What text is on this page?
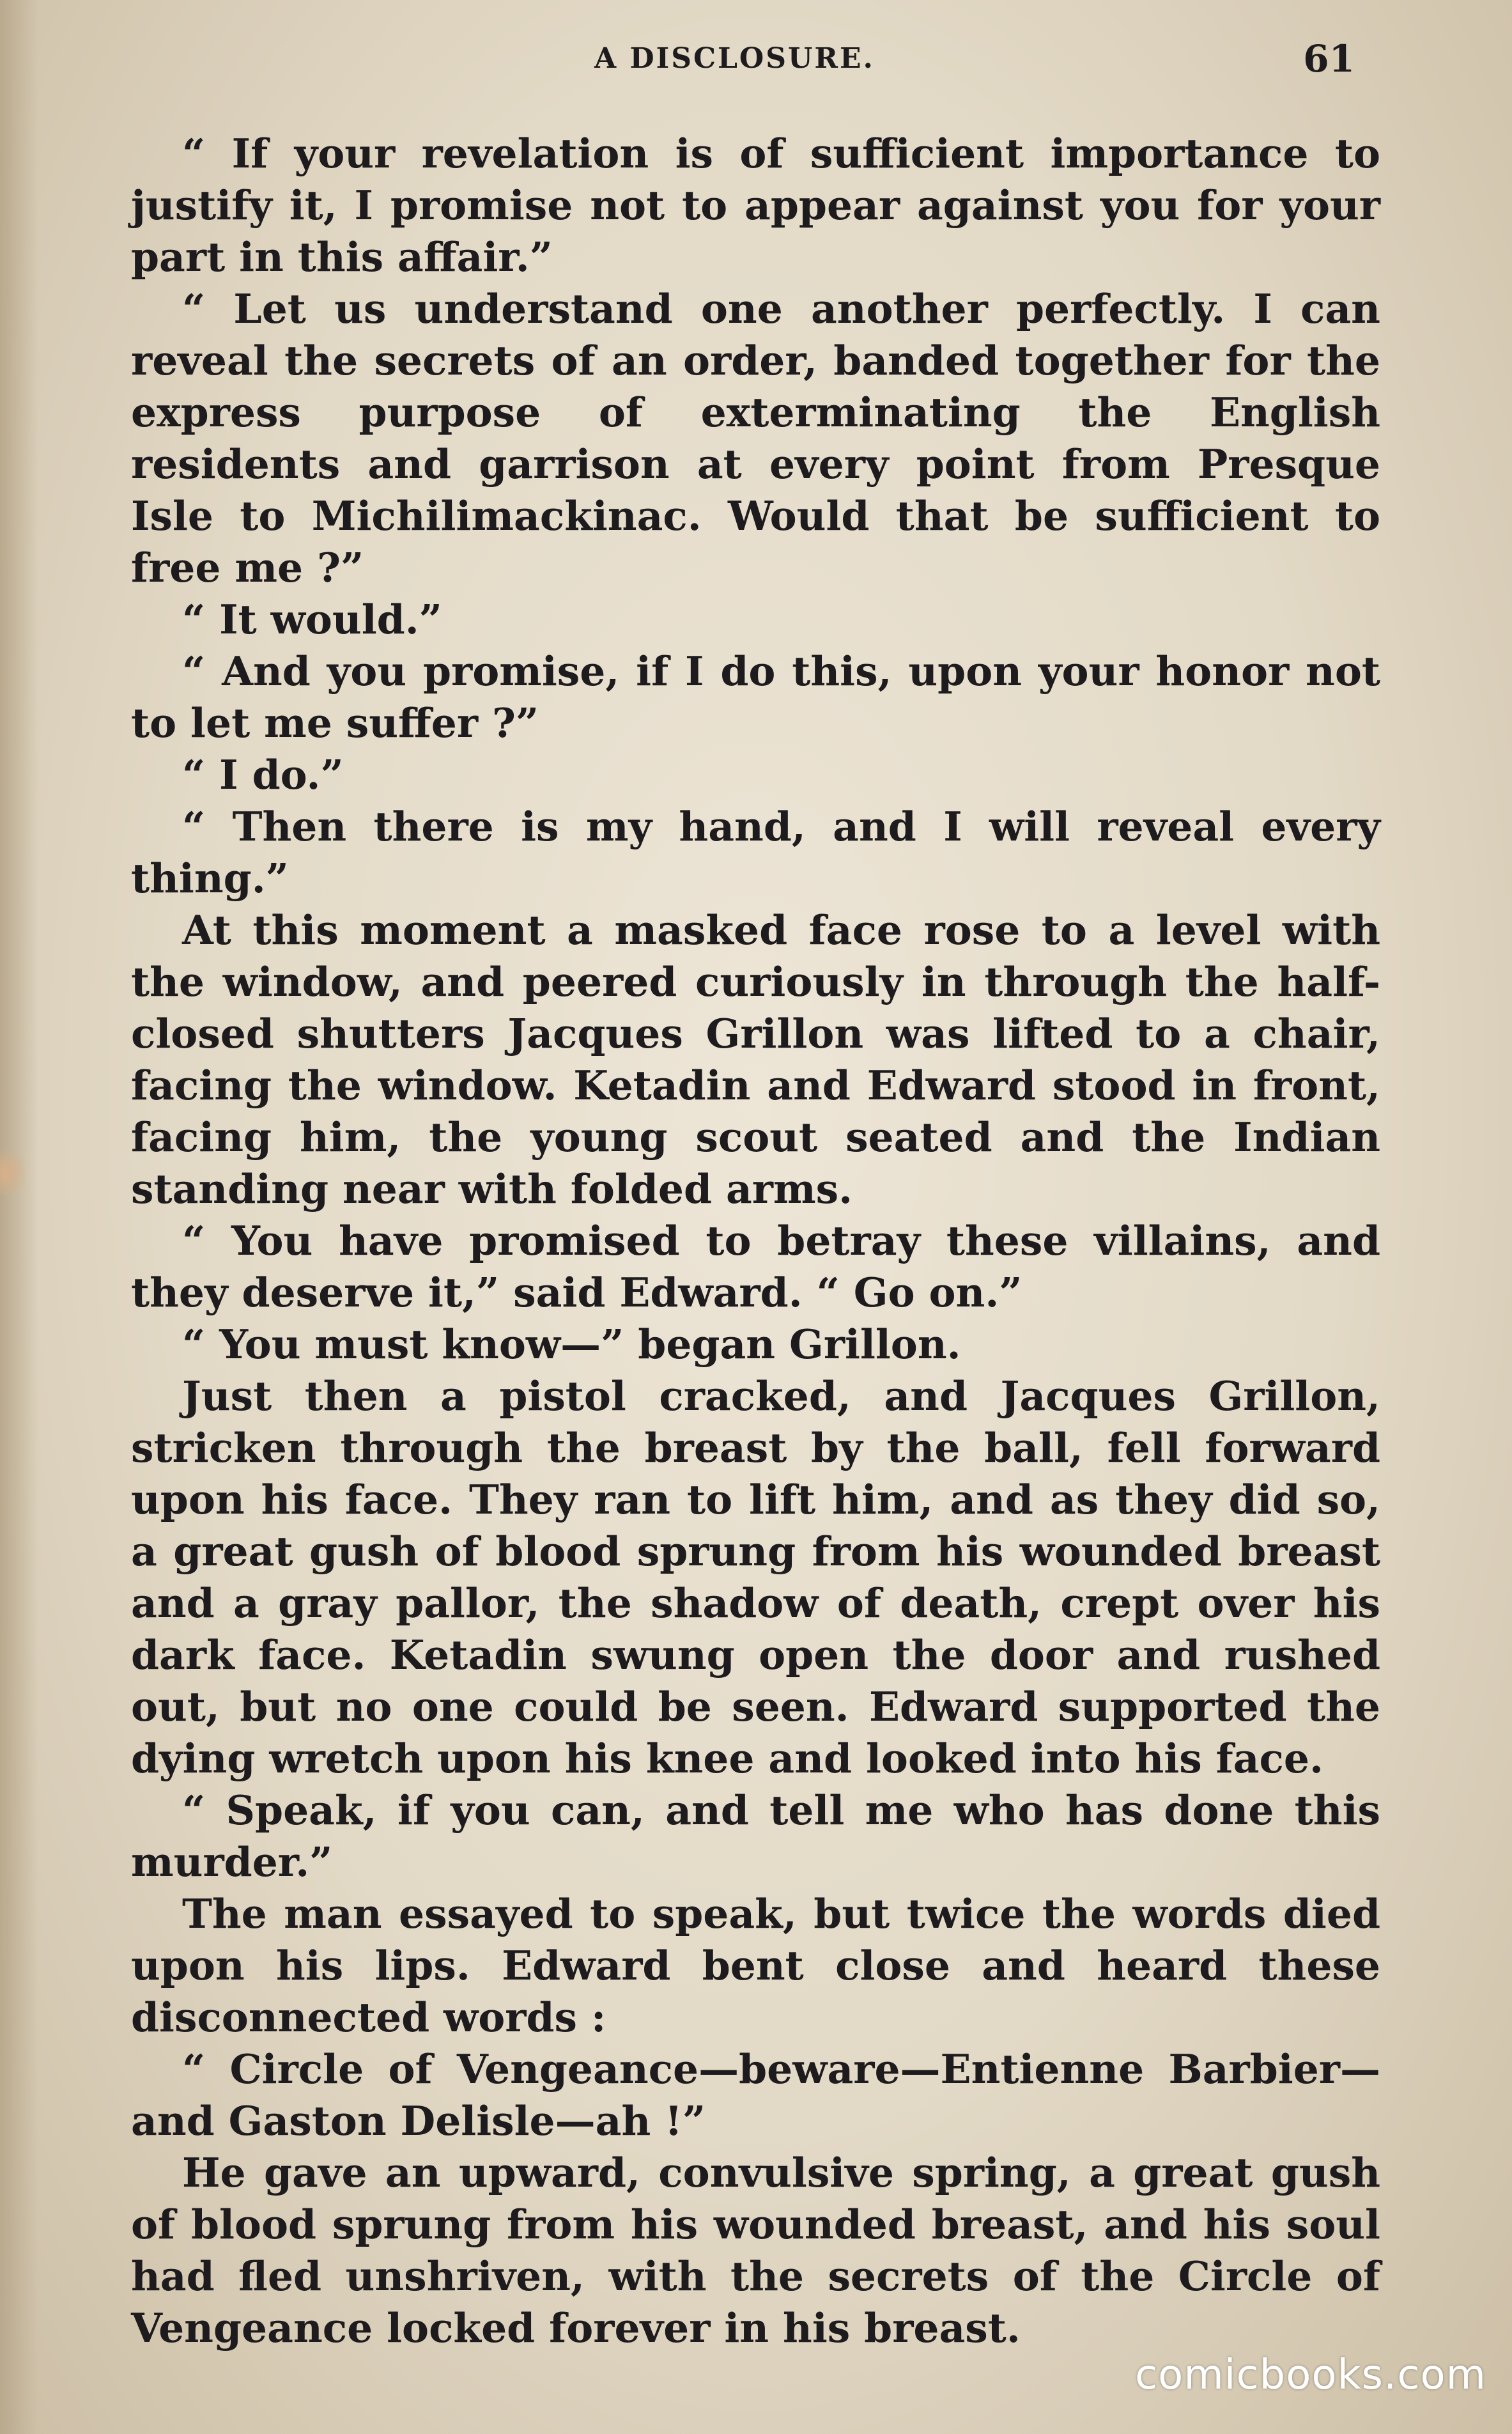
A DISCLOSURE.	61

“ If your revelation is of sufficient importance to justify it, I promise not to appear against you for your part in this affair.”

“ Let us understand one another perfectly. I can reveal the secrets of an order, banded together for the express purpose of exterminating the English residents and garrison at every point from Presque Isle to Michilimackinac. Would that be sufficient to free me ?”

“ It would.”

“ And you promise, if I do this, upon your honor not to let me suffer ?”

“ I do.”

“ Then there is my hand, and I will reveal every thing.”

At this moment a masked face rose to a level with the window, and peered curiously in through the half-closed shutters Jacques Grillon was lifted to a chair, facing the window. Ketadin and Edward stood in front, facing him, the young scout seated and the Indian standing near with folded arms.

“ You have promised to betray these villains, and they deserve it,” said Edward. “ Go on.”

“ You must know—” began Grillon.

Just then a pistol cracked, and Jacques Grillon, stricken through the breast by the ball, fell forward upon his face. They ran to lift him, and as they did so, a great gush of blood sprung from his wounded breast and a gray pallor, the shadow of death, crept over his dark face. Ketadin swung open the door and rushed out, but no one could be seen. Edward supported the dying wretch upon his knee and looked into his face.

“ Speak, if you can, and tell me who has done this murder.”

The man essayed to speak, but twice the words died upon his lips. Edward bent close and heard these disconnected words :

“ Circle of Vengeance—beware—Entienne Barbier—and Gaston Delisle—ah !”

He gave an upward, convulsive spring, a great gush of blood sprung from his wounded breast, and his soul had fled unshriven, with the secrets of the Circle of Vengeance locked forever in his breast.

comicbooks.com
